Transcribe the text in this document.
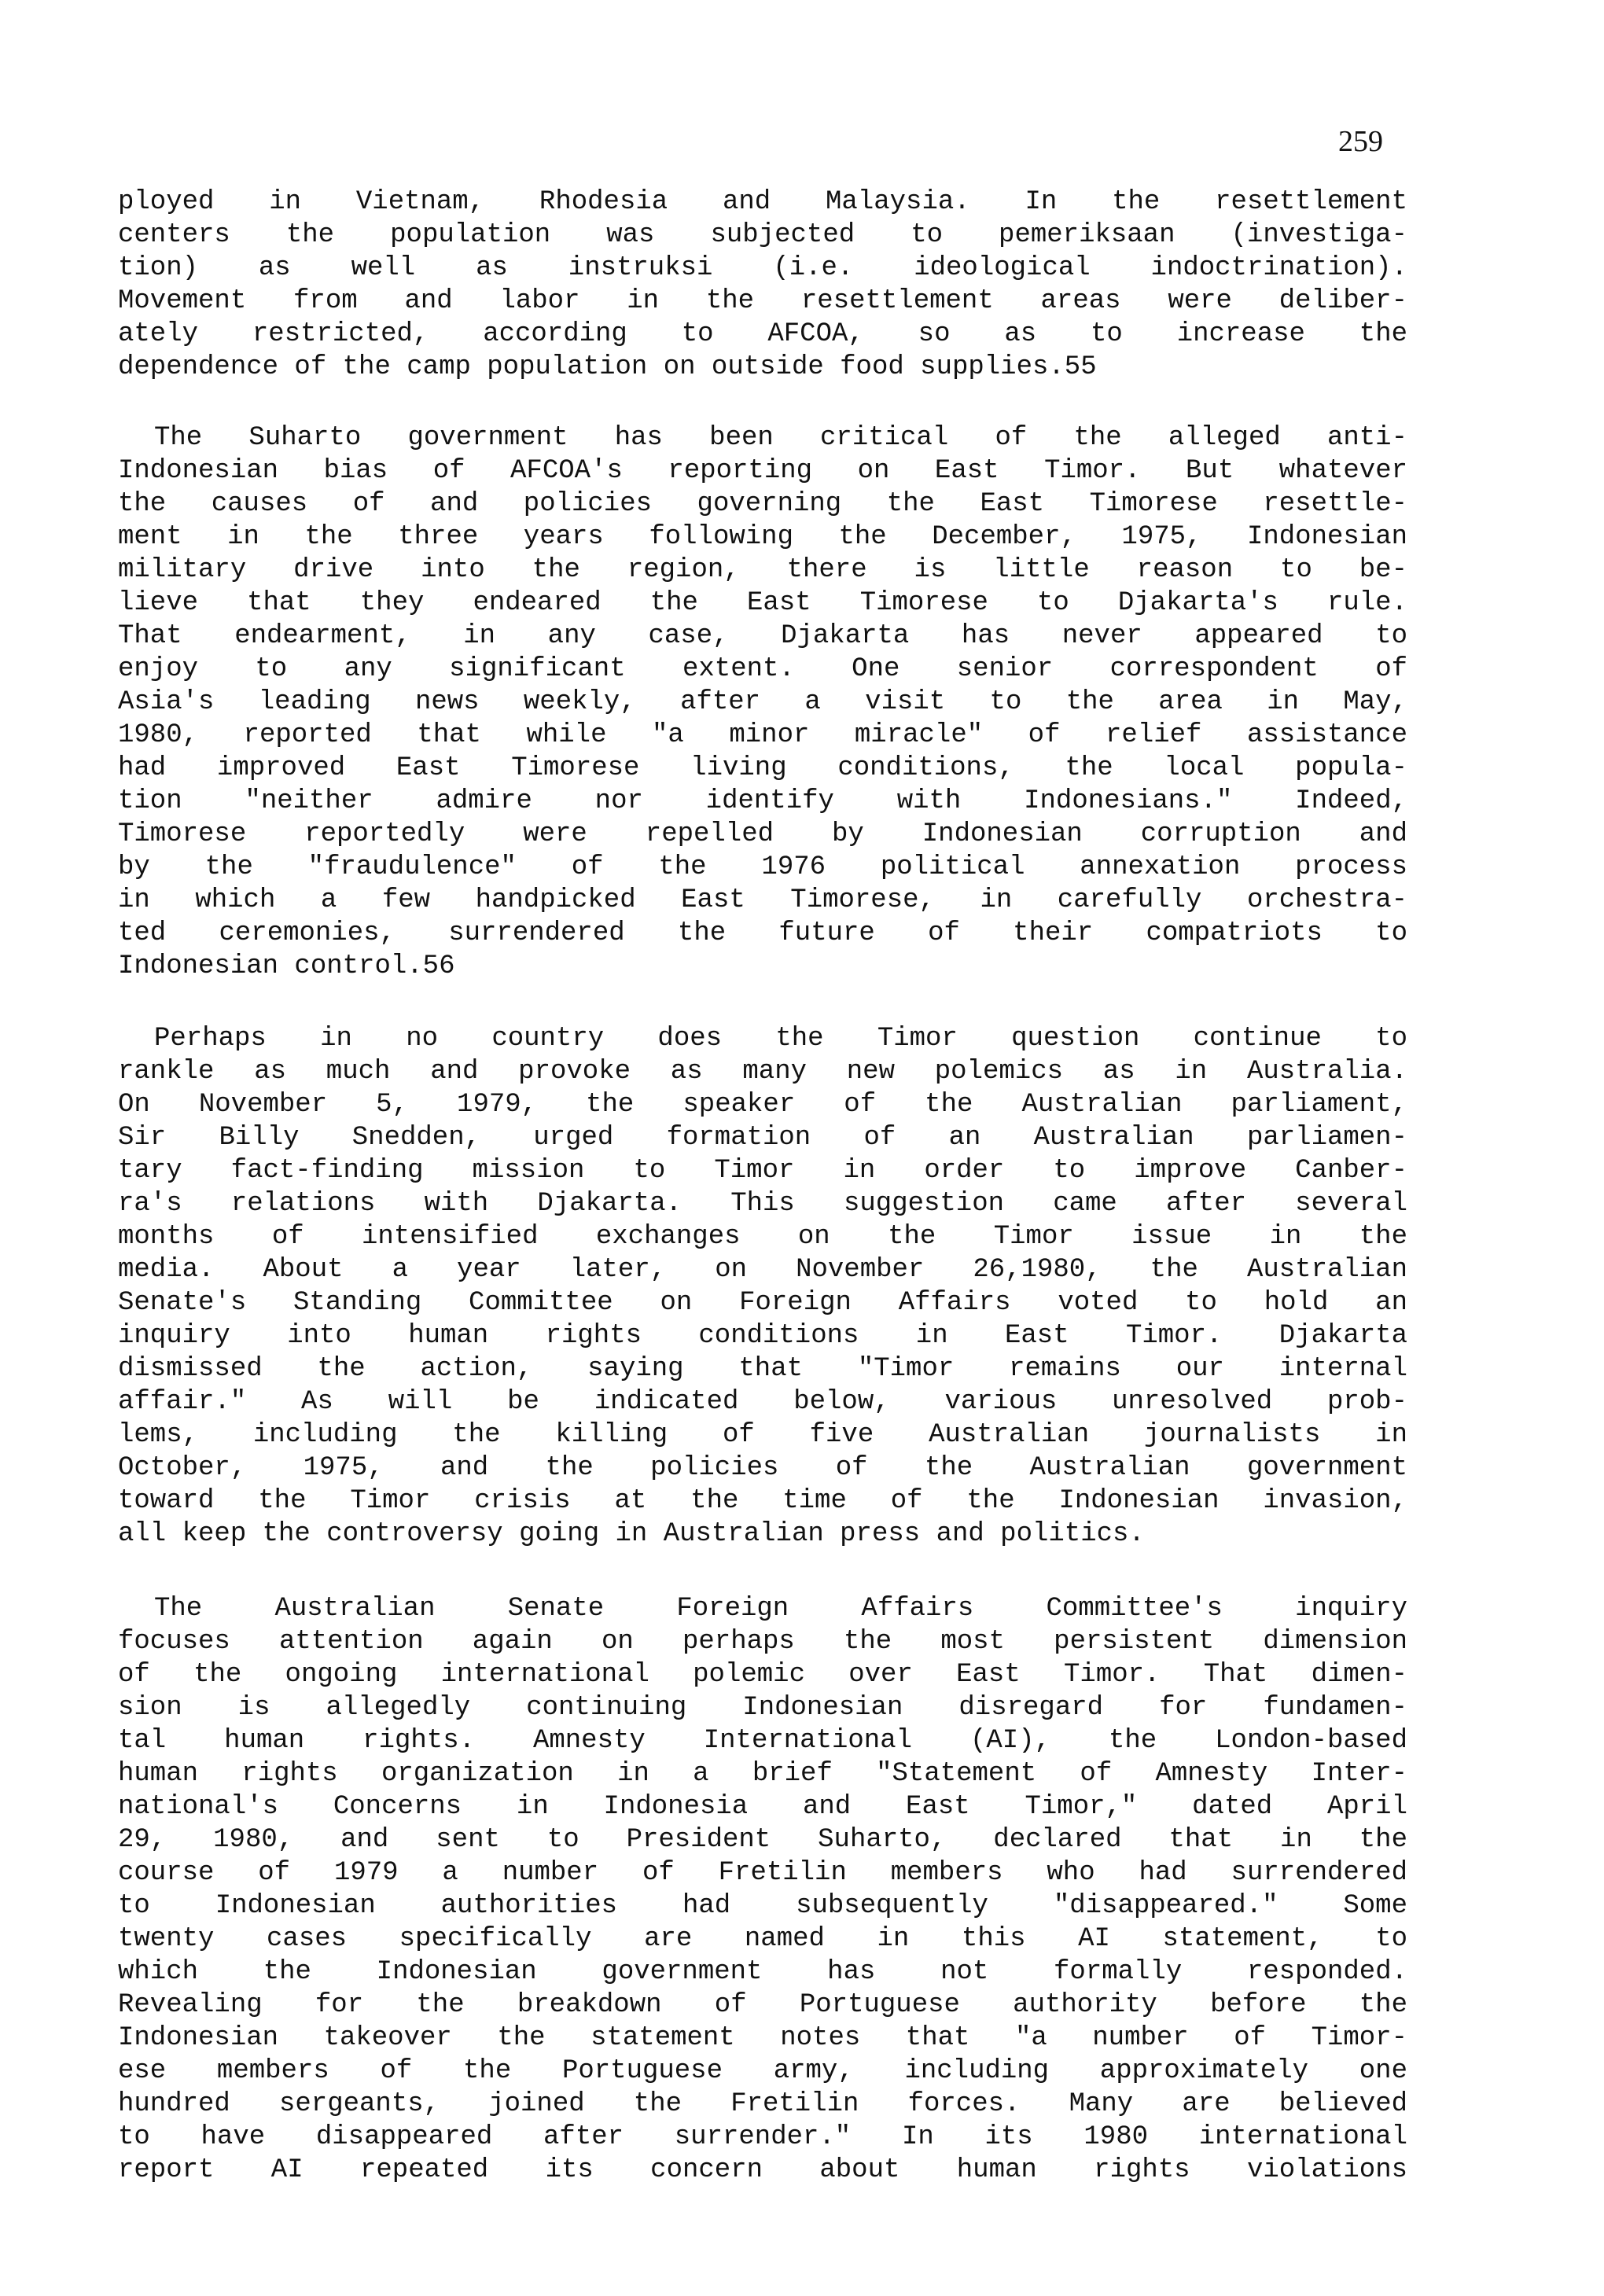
259
ployed in Vietnam, Rhodesia and Malaysia. In the resettlement
centers the population was subjected to pemeriksaan (investiga-
tion) as well as instruksi (i.e. ideological indoctrination).
Movement from and labor in the resettlement areas were deliber-
ately restricted, according to AFCOA, so as to increase the
dependence of the camp population on outside food supplies.55
The Suharto government has been critical of the alleged anti-
Indonesian bias of AFCOA's reporting on East Timor. But whatever
the causes of and policies governing the East Timorese resettle-
ment in the three years following the December, 1975, Indonesian
military drive into the region, there is little reason to be-
lieve that they endeared the East Timorese to Djakarta's rule.
That endearment, in any case, Djakarta has never appeared to
enjoy to any significant extent. One senior correspondent of
Asia's leading news weekly, after a visit to the area in May,
1980, reported that while "a minor miracle" of relief assistance
had improved East Timorese living conditions, the local popula-
tion "neither admire nor identify with Indonesians." Indeed,
Timorese reportedly were repelled by Indonesian corruption and
by the "fraudulence" of the 1976 political annexation process
in which a few handpicked East Timorese, in carefully orchestra-
ted ceremonies, surrendered the future of their compatriots to
Indonesian control.56
Perhaps in no country does the Timor question continue to
rankle as much and provoke as many new polemics as in Australia.
On November 5, 1979, the speaker of the Australian parliament,
Sir Billy Snedden, urged formation of an Australian parliamen-
tary fact-finding mission to Timor in order to improve Canber-
ra's relations with Djakarta. This suggestion came after several
months of intensified exchanges on the Timor issue in the
media. About a year later, on November 26,1980, the Australian
Senate's Standing Committee on Foreign Affairs voted to hold an
inquiry into human rights conditions in East Timor. Djakarta
dismissed the action, saying that "Timor remains our internal
affair." As will be indicated below, various unresolved prob-
lems, including the killing of five Australian journalists in
October, 1975, and the policies of the Australian government
toward the Timor crisis at the time of the Indonesian invasion,
all keep the controversy going in Australian press and politics.
The Australian Senate Foreign Affairs Committee's inquiry
focuses attention again on perhaps the most persistent dimension
of the ongoing international polemic over East Timor. That dimen-
sion is allegedly continuing Indonesian disregard for fundamen-
tal human rights. Amnesty International (AI), the London-based
human rights organization in a brief "Statement of Amnesty Inter-
national's Concerns in Indonesia and East Timor," dated April
29, 1980, and sent to President Suharto, declared that in the
course of 1979 a number of Fretilin members who had surrendered
to Indonesian authorities had subsequently "disappeared." Some
twenty cases specifically are named in this AI statement, to
which the Indonesian government has not formally responded.
Revealing for the breakdown of Portuguese authority before the
Indonesian takeover the statement notes that "a number of Timor-
ese members of the Portuguese army, including approximately one
hundred sergeants, joined the Fretilin forces. Many are believed
to have disappeared after surrender." In its 1980 international
report AI repeated its concern about human rights violations
